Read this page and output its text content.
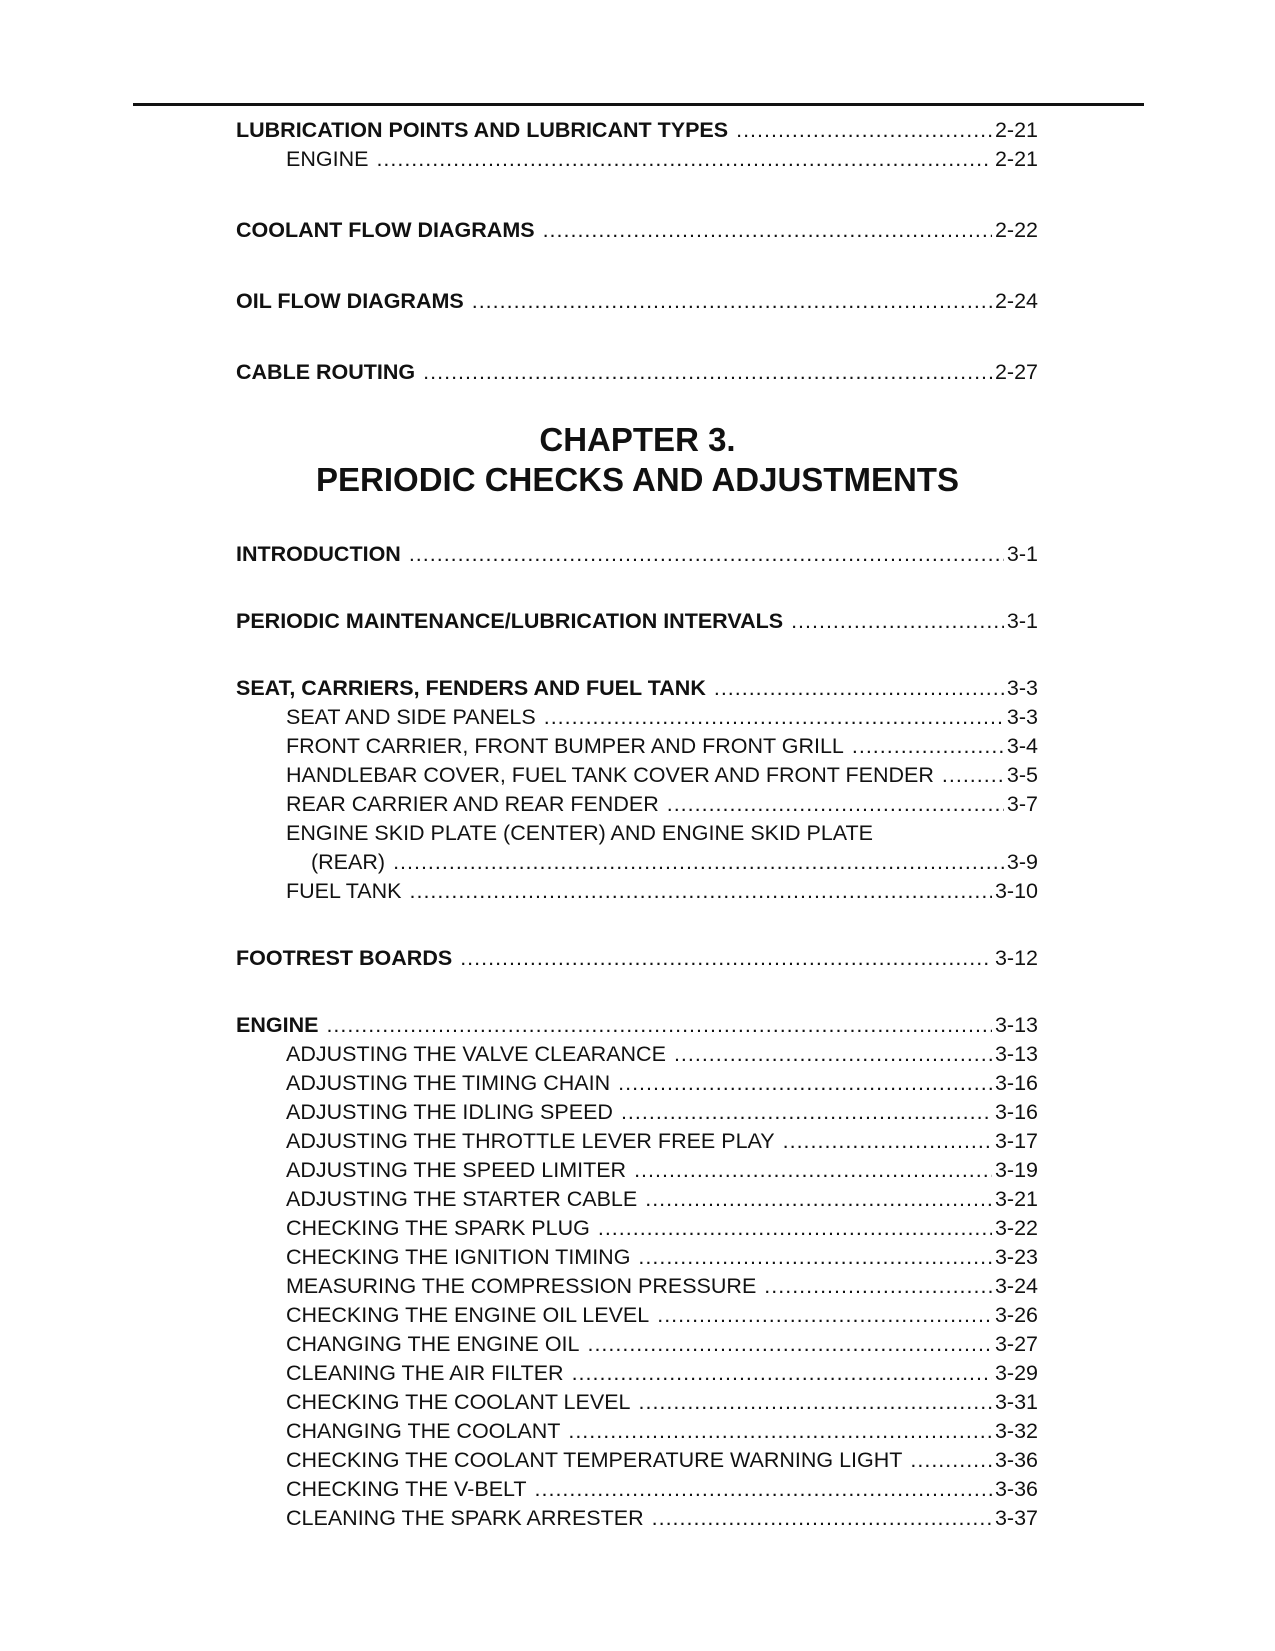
LUBRICATION POINTS AND LUBRICANT TYPES .....	2-21
ENGINE .....	2-21
COOLANT FLOW DIAGRAMS .....	2-22
OIL FLOW DIAGRAMS .....	2-24
CABLE ROUTING .....	2-27

CHAPTER 3.

PERIODIC CHECKS AND ADJUSTMENTS

INTRODUCTION .....	3-1
PERIODIC MAINTENANCE/LUBRICATION INTERVALS .....	3-1
SEAT, CARRIERS, FENDERS AND FUEL TANK .....	3-3
SEAT AND SIDE PANELS .....	3-3
FRONT CARRIER, FRONT BUMPER AND FRONT GRILL .....	3-4
HANDLEBAR COVER, FUEL TANK COVER AND FRONT FENDER .....	3-5
REAR CARRIER AND REAR FENDER .....	3-7
ENGINE SKID PLATE (CENTER) AND ENGINE SKID PLATE
(REAR) .....	3-9
FUEL TANK .....	3-10
FOOTREST BOARDS .....	3-12
ENGINE .....	3-13
ADJUSTING THE VALVE CLEARANCE .....	3-13
ADJUSTING THE TIMING CHAIN .....	3-16
ADJUSTING THE IDLING SPEED .....	3-16
ADJUSTING THE THROTTLE LEVER FREE PLAY .....	3-17
ADJUSTING THE SPEED LIMITER .....	3-19
ADJUSTING THE STARTER CABLE .....	3-21
CHECKING THE SPARK PLUG .....	3-22
CHECKING THE IGNITION TIMING .....	3-23
MEASURING THE COMPRESSION PRESSURE .....	3-24
CHECKING THE ENGINE OIL LEVEL .....	3-26
CHANGING THE ENGINE OIL .....	3-27
CLEANING THE AIR FILTER .....	3-29
CHECKING THE COOLANT LEVEL .....	3-31
CHANGING THE COOLANT .....	3-32
CHECKING THE COOLANT TEMPERATURE WARNING LIGHT .....	3-36
CHECKING THE V-BELT .....	3-36
CLEANING THE SPARK ARRESTER .....	3-37
